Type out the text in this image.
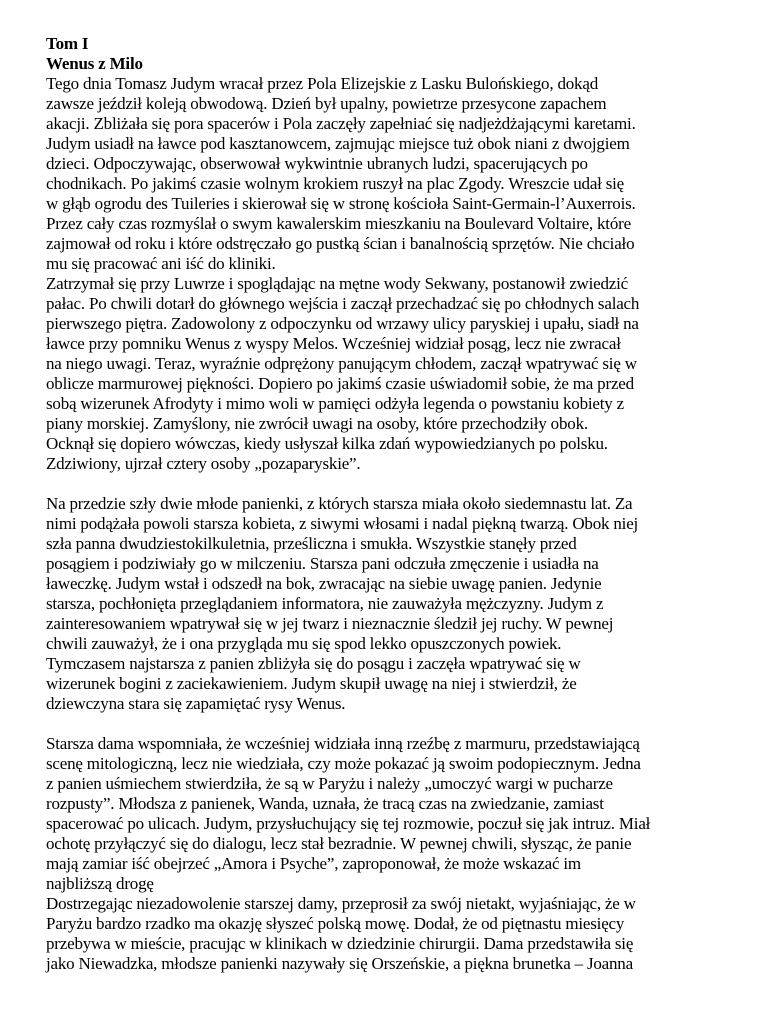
Tom I
Wenus z Milo
Tego dnia Tomasz Judym wracał przez Pola Elizejskie z Lasku Bulońskiego, dokąd
zawsze jeździł koleją obwodową. Dzień był upalny, powietrze przesycone zapachem
akacji. Zbliżała się pora spacerów i Pola zaczęły zapełniać się nadjeżdżającymi karetami.
Judym usiadł na ławce pod kasztanowcem, zajmując miejsce tuż obok niani z dwojgiem
dzieci. Odpoczywając, obserwował wykwintnie ubranych ludzi, spacerujących po
chodnikach. Po jakimś czasie wolnym krokiem ruszył na plac Zgody. Wreszcie udał się
w głąb ogrodu des Tuileries i skierował się w stronę kościoła Saint-Germain-l’Auxerrois.
Przez cały czas rozmyślał o swym kawalerskim mieszkaniu na Boulevard Voltaire, które
zajmował od roku i które odstręczało go pustką ścian i banalnością sprzętów. Nie chciało
mu się pracować ani iść do kliniki.
Zatrzymał się przy Luwrze i spoglądając na mętne wody Sekwany, postanowił zwiedzić
pałac. Po chwili dotarł do głównego wejścia i zaczął przechadzać się po chłodnych salach
pierwszego piętra. Zadowolony z odpoczynku od wrzawy ulicy paryskiej i upału, siadł na
ławce przy pomniku Wenus z wyspy Melos. Wcześniej widział posąg, lecz nie zwracał
na niego uwagi. Teraz, wyraźnie odprężony panującym chłodem, zaczął wpatrywać się w
oblicze marmurowej piękności. Dopiero po jakimś czasie uświadomił sobie, że ma przed
sobą wizerunek Afrodyty i mimo woli w pamięci odżyła legenda o powstaniu kobiety z
piany morskiej. Zamyślony, nie zwrócił uwagi na osoby, które przechodziły obok.
Ocknął się dopiero wówczas, kiedy usłyszał kilka zdań wypowiedzianych po polsku.
Zdziwiony, ujrzał cztery osoby „pozaparyskie”.
Na przedzie szły dwie młode panienki, z których starsza miała około siedemnastu lat. Za
nimi podążała powoli starsza kobieta, z siwymi włosami i nadal piękną twarzą. Obok niej
szła panna dwudziestokilkuletnia, prześliczna i smukła. Wszystkie stanęły przed
posągiem i podziwiały go w milczeniu. Starsza pani odczuła zmęczenie i usiadła na
ławeczkę. Judym wstał i odszedł na bok, zwracając na siebie uwagę panien. Jedynie
starsza, pochłonięta przeglądaniem informatora, nie zauważyła mężczyzny. Judym z
zainteresowaniem wpatrywał się w jej twarz i nieznacznie śledził jej ruchy. W pewnej
chwili zauważył, że i ona przygląda mu się spod lekko opuszczonych powiek.
Tymczasem najstarsza z panien zbliżyła się do posągu i zaczęła wpatrywać się w
wizerunek bogini z zaciekawieniem. Judym skupił uwagę na niej i stwierdził, że
dziewczyna stara się zapamiętać rysy Wenus.
Starsza dama wspomniała, że wcześniej widziała inną rzeźbę z marmuru, przedstawiającą
scenę mitologiczną, lecz nie wiedziała, czy może pokazać ją swoim podopiecznym. Jedna
z panien uśmiechem stwierdziła, że są w Paryżu i należy „umoczyć wargi w pucharze
rozpusty”. Młodsza z panienek, Wanda, uznała, że tracą czas na zwiedzanie, zamiast
spacerować po ulicach. Judym, przysłuchujący się tej rozmowie, poczuł się jak intruz. Miał
ochotę przyłączyć się do dialogu, lecz stał bezradnie. W pewnej chwili, słysząc, że panie
mają zamiar iść obejrzeć „Amora i Psyche”, zaproponował, że może wskazać im
najbliższą drogę
Dostrzegając niezadowolenie starszej damy, przeprosił za swój nietakt, wyjaśniając, że w
Paryżu bardzo rzadko ma okazję słyszeć polską mowę. Dodał, że od piętnastu miesięcy
przebywa w mieście, pracując w klinikach w dziedzinie chirurgii. Dama przedstawiła się
jako Niewadzka, młodsze panienki nazywały się Orszeńskie, a piękna brunetka – Joanna
